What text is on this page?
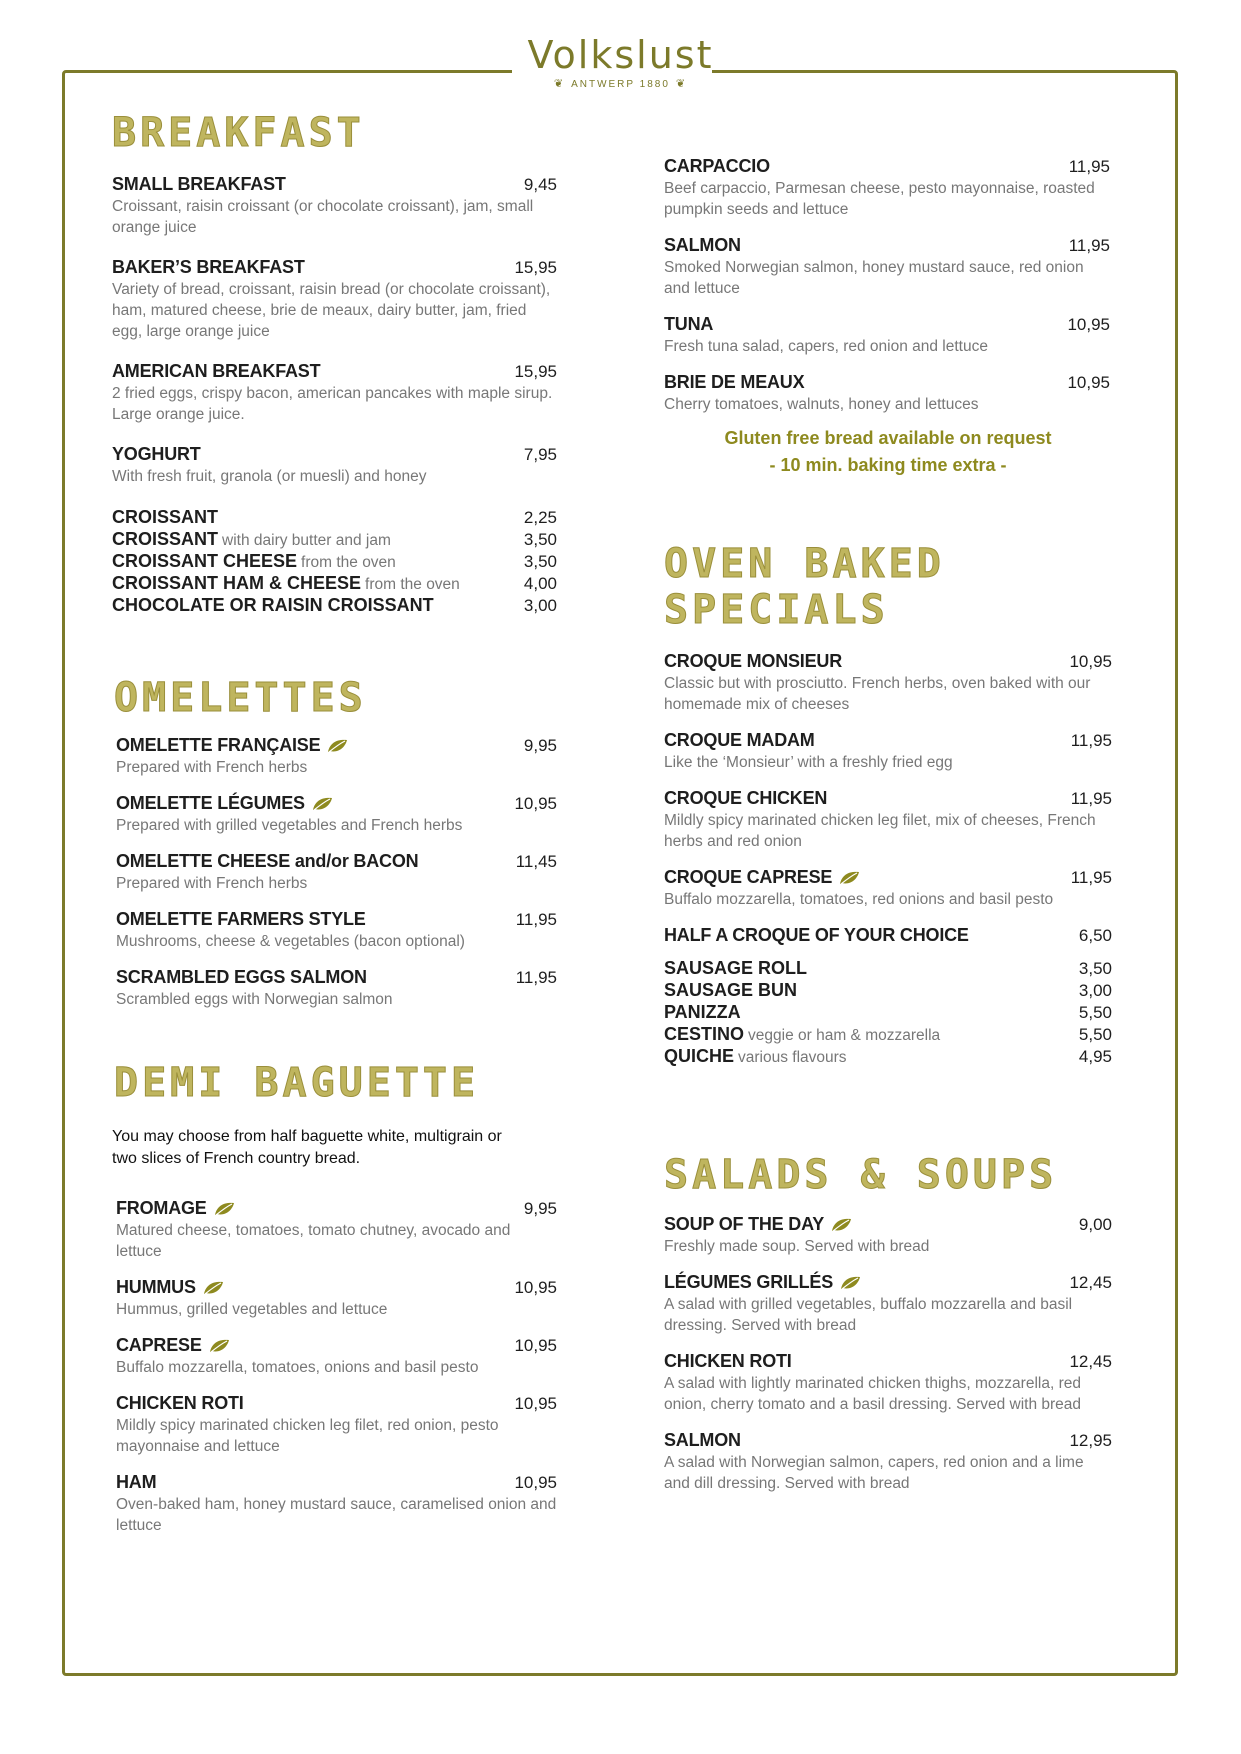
Volkslust
❦ ANTWERP 1880 ❦
BREAKFAST
SMALL BREAKFAST	9,45
Croissant, raisin croissant (or chocolate croissant), jam, small orange juice
BAKER’S BREAKFAST	15,95
Variety of bread, croissant, raisin bread (or chocolate croissant), ham, matured cheese, brie de meaux, dairy butter, jam, fried egg, large orange juice
AMERICAN BREAKFAST	15,95
2 fried eggs, crispy bacon, american pancakes with maple sirup. Large orange juice.
YOGHURT	7,95
With fresh fruit, granola (or muesli) and honey
CROISSANT	2,25
CROISSANT with dairy butter and jam	3,50
CROISSANT CHEESE from the oven	3,50
CROISSANT HAM & CHEESE from the oven	4,00
CHOCOLATE OR RAISIN CROISSANT	3,00
OMELETTES
OMELETTE FRANÇAISE	9,95
Prepared with French herbs
OMELETTE LÉGUMES	10,95
Prepared with grilled vegetables and French herbs
OMELETTE CHEESE and/or BACON	11,45
Prepared with French herbs
OMELETTE FARMERS STYLE	11,95
Mushrooms, cheese & vegetables (bacon optional)
SCRAMBLED EGGS SALMON	11,95
Scrambled eggs with Norwegian salmon
DEMI BAGUETTE
You may choose from half baguette white, multigrain or two slices of French country bread.
FROMAGE	9,95
Matured cheese, tomatoes, tomato chutney, avocado and lettuce
HUMMUS	10,95
Hummus, grilled vegetables and lettuce
CAPRESE	10,95
Buffalo mozzarella, tomatoes, onions and basil pesto
CHICKEN ROTI	10,95
Mildly spicy marinated chicken leg filet, red onion, pesto mayonnaise and lettuce
HAM	10,95
Oven-baked ham, honey mustard sauce, caramelised onion and lettuce
CARPACCIO	11,95
Beef carpaccio, Parmesan cheese, pesto mayonnaise, roasted pumpkin seeds and lettuce
SALMON	11,95
Smoked Norwegian salmon, honey mustard sauce, red onion and lettuce
TUNA	10,95
Fresh tuna salad, capers, red onion and lettuce
BRIE DE MEAUX	10,95
Cherry tomatoes, walnuts, honey and lettuces
Gluten free bread available on request
- 10 min. baking time extra -
OVEN BAKED SPECIALS
CROQUE MONSIEUR	10,95
Classic but with prosciutto. French herbs, oven baked with our homemade mix of cheeses
CROQUE MADAM	11,95
Like the ‘Monsieur’ with a freshly fried egg
CROQUE CHICKEN	11,95
Mildly spicy marinated chicken leg filet, mix of cheeses, French herbs and red onion
CROQUE CAPRESE	11,95
Buffalo mozzarella, tomatoes, red onions and basil pesto
HALF A CROQUE OF YOUR CHOICE	6,50
SAUSAGE ROLL	3,50
SAUSAGE BUN	3,00
PANIZZA	5,50
CESTINO veggie or ham & mozzarella	5,50
QUICHE various flavours	4,95
SALADS & SOUPS
SOUP OF THE DAY	9,00
Freshly made soup. Served with bread
LÉGUMES GRILLÉS	12,45
A salad with grilled vegetables, buffalo mozzarella and basil dressing. Served with bread
CHICKEN ROTI	12,45
A salad with lightly marinated chicken thighs, mozzarella, red onion, cherry tomato and a basil dressing. Served with bread
SALMON	12,95
A salad with Norwegian salmon, capers, red onion and a lime and dill dressing. Served with bread
